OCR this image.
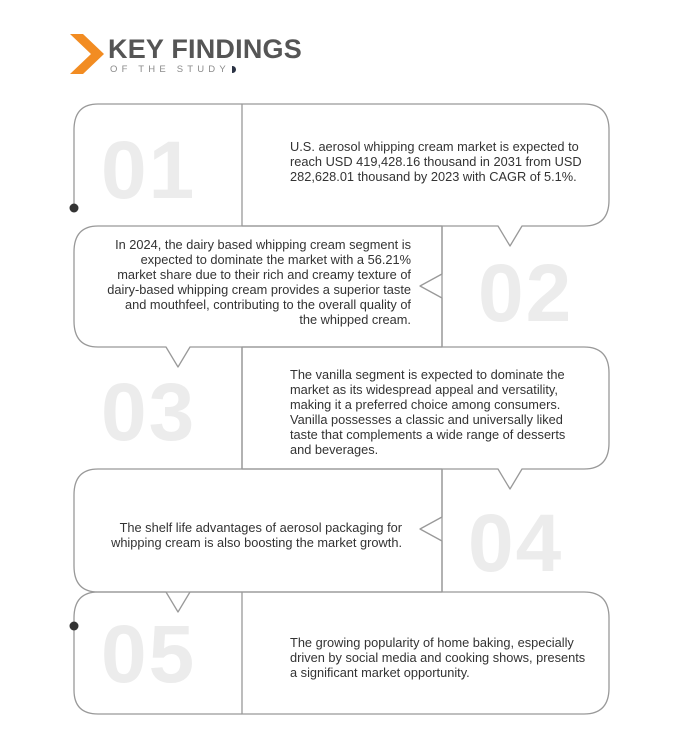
KEY FINDINGS
OF THE STUDY
01	U.S. aerosol whipping cream market is expected to reach USD 419,428.16 thousand in 2031 from USD 282,628.01 thousand by 2023 with CAGR of 5.1%.
02
In 2024, the dairy based whipping cream segment is expected to dominate the market with a 56.21% market share due to their rich and creamy texture of dairy-based whipping cream provides a superior taste and mouthfeel, contributing to the overall quality of the whipped cream.
03	The vanilla segment is expected to dominate the market as its widespread appeal and versatility, making it a preferred choice among consumers. Vanilla possesses a classic and universally liked taste that complements a wide range of desserts and beverages.
04
The shelf life advantages of aerosol packaging for whipping cream is also boosting the market growth.
05	The growing popularity of home baking, especially driven by social media and cooking shows, presents a significant market opportunity.
